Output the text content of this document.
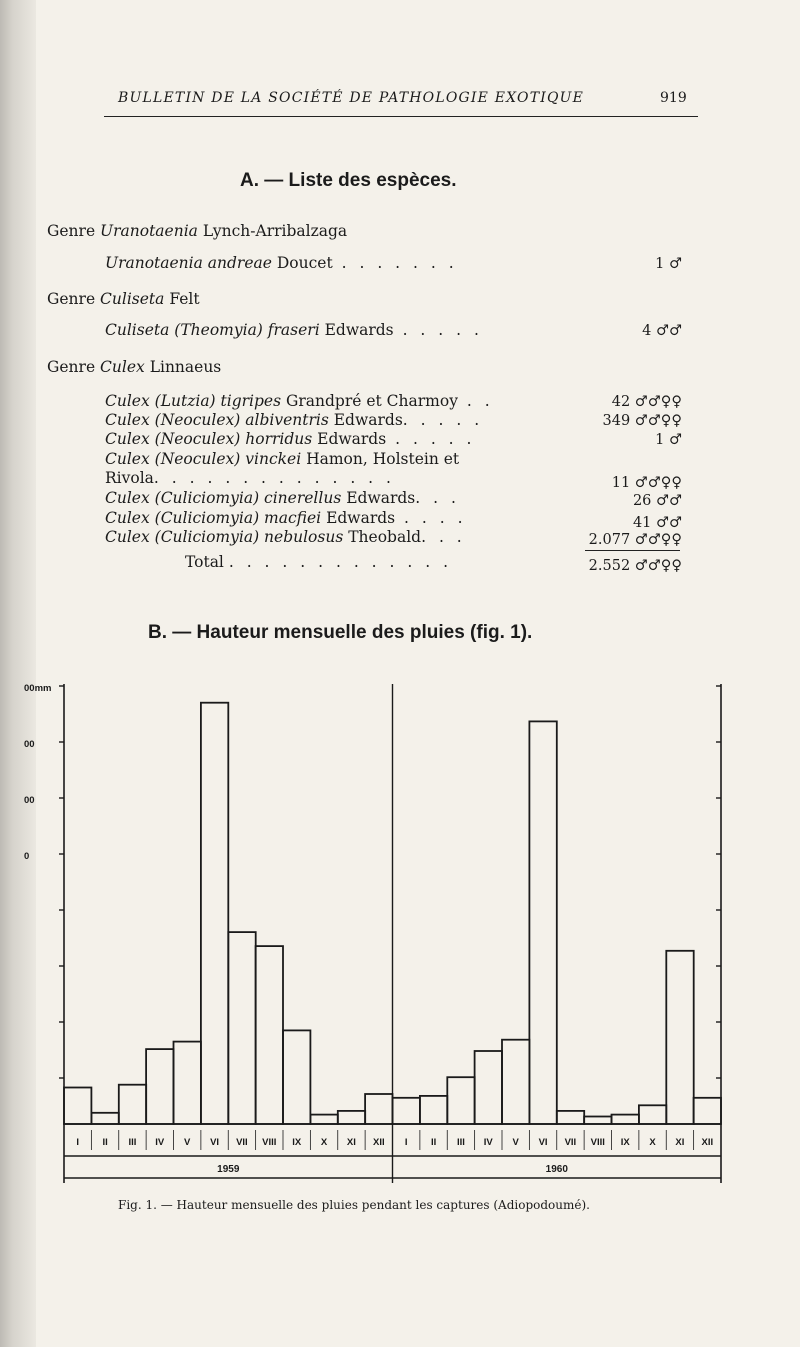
BULLETIN DE LA SOCIÉTÉ DE PATHOLOGIE EXOTIQUE	919
A. — Liste des espèces.
Genre Uranotaenia Lynch-Arribalzaga
Uranotaenia andreae Doucet . . . . . . .	1 ♂
Genre Culiseta Felt
Culiseta (Theomyia) fraseri Edwards . . . . .	4 ♂♂
Genre Culex Linnaeus
Culex (Lutzia) tigripes Grandpré et Charmoy . .	42 ♂♂♀♀
Culex (Neoculex) albiventris Edwards. . . . .	349 ♂♂♀♀
Culex (Neoculex) horridus Edwards . . . . .	1 ♂
Culex (Neoculex) vinckei Hamon, Holstein et
Rivola. . . . . . . . . . . . . .	11 ♂♂♀♀
Culex (Culiciomyia) cinerellus Edwards. . .	26 ♂♂
Culex (Culiciomyia) macfiei Edwards . . . .	41 ♂♂
Culex (Culiciomyia) nebulosus Theobald. . .	2.077 ♂♂♀♀
Total . . . . . . . . . . . . .	2.552 ♂♂♀♀
B. — Hauteur mensuelle des pluies (fig. 1).
00mm
00
00
0
I II III IV V VI VII VIII IX X XI XII I II III IV V VI VII VIII IX X XI XII
1959	1960
Fig. 1. — Hauteur mensuelle des pluies pendant les captures (Adiopodoumé).
